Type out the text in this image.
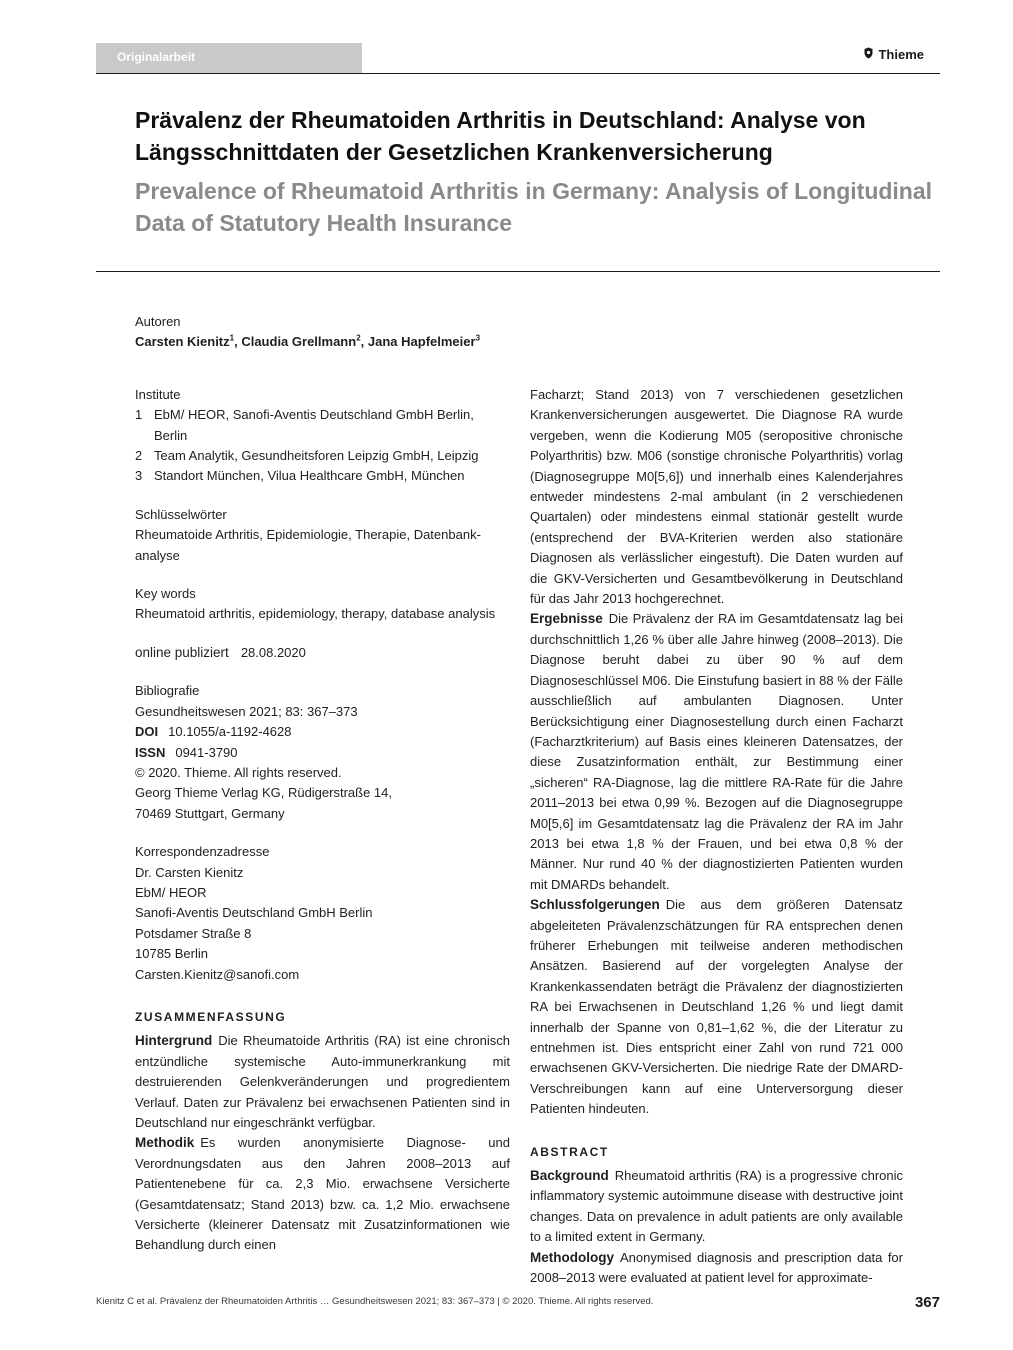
Originalarbeit	Thieme
Prävalenz der Rheumatoiden Arthritis in Deutschland: Analyse von Längsschnittdaten der Gesetzlichen Krankenversicherung
Prevalence of Rheumatoid Arthritis in Germany: Analysis of Longitudinal Data of Statutory Health Insurance
Autoren
Carsten Kienitz$^1$, Claudia Grellmann$^2$, Jana Hapfelmeier$^3$
Institute
1 EbM/ HEOR, Sanofi-Aventis Deutschland GmbH Berlin, Berlin
2 Team Analytik, Gesundheitsforen Leipzig GmbH, Leipzig
3 Standort München, Vilua Healthcare GmbH, München
Schlüsselwörter
Rheumatoide Arthritis, Epidemiologie, Therapie, Datenbankanalyse
Key words
Rheumatoid arthritis, epidemiology, therapy, database analysis
online publiziert 28.08.2020
Bibliografie
Gesundheitswesen 2021; 83: 367–373
DOI 10.1055/a-1192-4628
ISSN 0941-3790
© 2020. Thieme. All rights reserved.
Georg Thieme Verlag KG, Rüdigerstraße 14,
70469 Stuttgart, Germany
Korrespondenzadresse
Dr. Carsten Kienitz
EbM/ HEOR
Sanofi-Aventis Deutschland GmbH Berlin
Potsdamer Straße 8
10785 Berlin
Carsten.Kienitz@sanofi.com
ZUSAMMENFASSUNG
Hintergrund Die Rheumatoide Arthritis (RA) ist eine chronisch entzündliche systemische Auto-immunerkrankung mit destruierenden Gelenkveränderungen und progredientem Verlauf. Daten zur Prävalenz bei erwachsenen Patienten sind in Deutschland nur eingeschränkt verfügbar.
Methodik Es wurden anonymisierte Diagnose- und Verordnungsdaten aus den Jahren 2008–2013 auf Patientenebene für ca. 2,3 Mio. erwachsene Versicherte (Gesamtdatensatz; Stand 2013) bzw. ca. 1,2 Mio. erwachsene Versicherte (kleinerer Datensatz mit Zusatzinformationen wie Behandlung durch einen
Facharzt; Stand 2013) von 7 verschiedenen gesetzlichen Krankenversicherungen ausgewertet. Die Diagnose RA wurde vergeben, wenn die Kodierung M05 (seropositive chronische Polyarthritis) bzw. M06 (sonstige chronische Polyarthritis) vorlag (Diagnosegruppe M0[5,6]) und innerhalb eines Kalenderjahres entweder mindestens 2-mal ambulant (in 2 verschiedenen Quartalen) oder mindestens einmal stationär gestellt wurde (entsprechend der BVA-Kriterien werden also stationäre Diagnosen als verlässlicher eingestuft). Die Daten wurden auf die GKV-Versicherten und Gesamtbevölkerung in Deutschland für das Jahr 2013 hochgerechnet.
Ergebnisse Die Prävalenz der RA im Gesamtdatensatz lag bei durchschnittlich 1,26 % über alle Jahre hinweg (2008–2013). Die Diagnose beruht dabei zu über 90 % auf dem Diagnoseschlüssel M06. Die Einstufung basiert in 88 % der Fälle ausschließlich auf ambulanten Diagnosen. Unter Berücksichtigung einer Diagnosestellung durch einen Facharzt (Facharztkriterium) auf Basis eines kleineren Datensatzes, der diese Zusatzinformation enthält, zur Bestimmung einer „sicheren“ RA-Diagnose, lag die mittlere RA-Rate für die Jahre 2011–2013 bei etwa 0,99 %. Bezogen auf die Diagnosegruppe M0[5,6] im Gesamtdatensatz lag die Prävalenz der RA im Jahr 2013 bei etwa 1,8 % der Frauen, und bei etwa 0,8 % der Männer. Nur rund 40 % der diagnostizierten Patienten wurden mit DMARDs behandelt.
Schlussfolgerungen Die aus dem größeren Datensatz abgeleiteten Prävalenzschätzungen für RA entsprechen denen früherer Erhebungen mit teilweise anderen methodischen Ansätzen. Basierend auf der vorgelegten Analyse der Krankenkassendaten beträgt die Prävalenz der diagnostizierten RA bei Erwachsenen in Deutschland 1,26 % und liegt damit innerhalb der Spanne von 0,81–1,62 %, die der Literatur zu entnehmen ist. Dies entspricht einer Zahl von rund 721 000 erwachsenen GKV-Versicherten. Die niedrige Rate der DMARD-Verschreibungen kann auf eine Unterversorgung dieser Patienten hindeuten.
ABSTRACT
Background Rheumatoid arthritis (RA) is a progressive chronic inflammatory systemic autoimmune disease with destructive joint changes. Data on prevalence in adult patients are only available to a limited extent in Germany.
Methodology Anonymised diagnosis and prescription data for 2008–2013 were evaluated at patient level for approximate-
Kienitz C et al. Prävalenz der Rheumatoiden Arthritis … Gesundheitswesen 2021; 83: 367–373 | © 2020. Thieme. All rights reserved.	367
